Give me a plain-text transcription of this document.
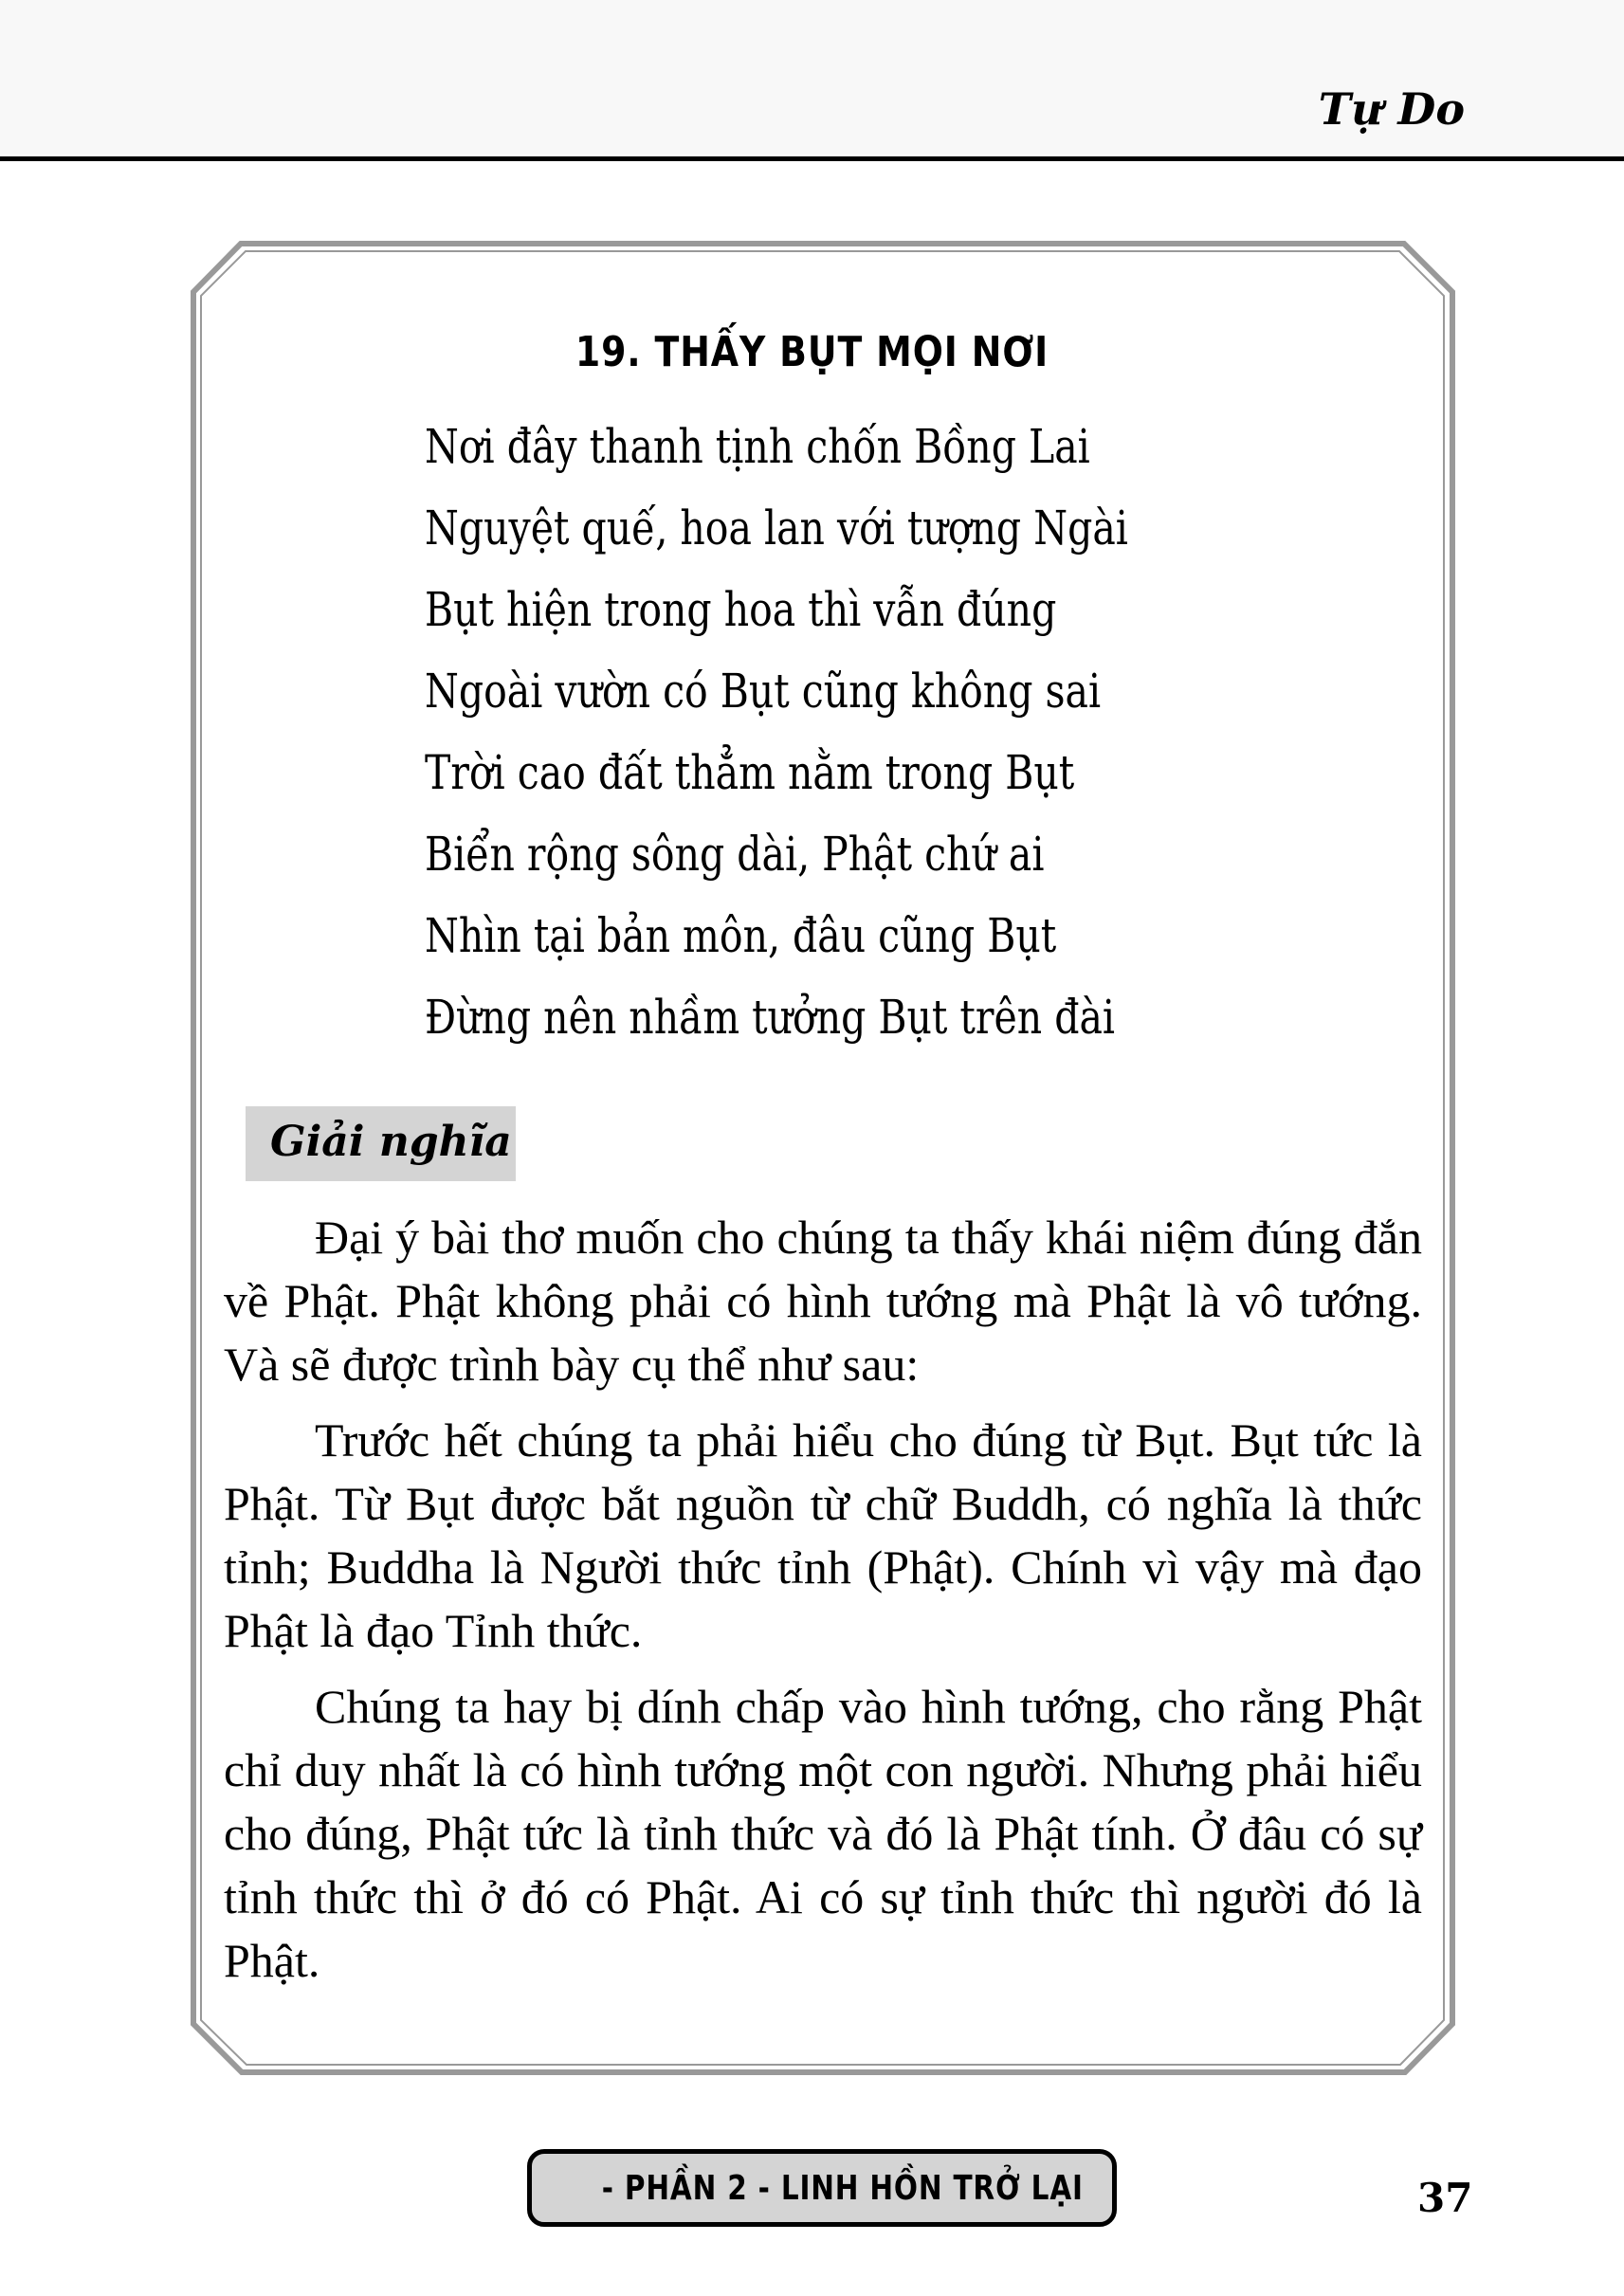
Tự Do
19. THẤY BỤT MỌI NƠI
Nơi đây thanh tịnh chốn Bồng Lai
Nguyệt quế, hoa lan với tượng Ngài
Bụt hiện trong hoa thì vẫn đúng
Ngoài vườn có Bụt cũng không sai
Trời cao đất thẳm nằm trong Bụt
Biển rộng sông dài, Phật chứ ai
Nhìn tại bản môn, đâu cũng Bụt
Đừng nên nhầm tưởng Bụt trên đài
Giải nghĩa

Đại ý bài thơ muốn cho chúng ta thấy khái niệm đúng đắn về Phật. Phật không phải có hình tướng mà Phật là vô tướng. Và sẽ được trình bày cụ thể như sau:

Trước hết chúng ta phải hiểu cho đúng từ Bụt. Bụt tức là Phật. Từ Bụt được bắt nguồn từ chữ Buddh, có nghĩa là thức tỉnh; Buddha là Người thức tỉnh (Phật). Chính vì vậy mà đạo Phật là đạo Tỉnh thức.

Chúng ta hay bị dính chấp vào hình tướng, cho rằng Phật chỉ duy nhất là có hình tướng một con người. Nhưng phải hiểu cho đúng, Phật tức là tỉnh thức và đó là Phật tính. Ở đâu có sự tỉnh thức thì ở đó có Phật. Ai có sự tỉnh thức thì người đó là Phật.

- PHẦN 2 - LINH HỒN TRỞ LẠI	37
